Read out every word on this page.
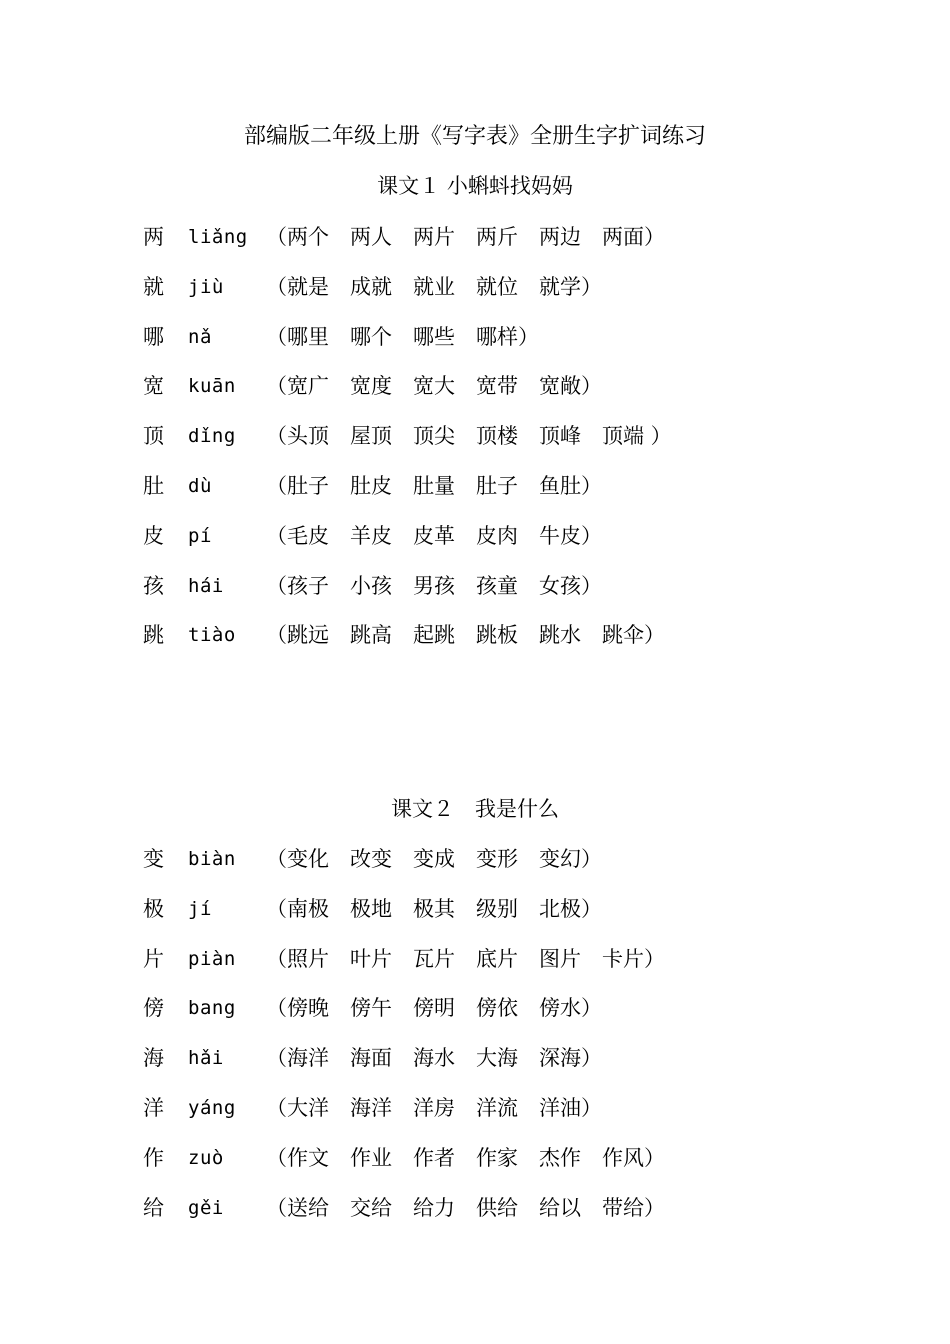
部编版二年级上册《写字表》全册生字扩词练习
课文１ 小蝌蚪找妈妈
两	liǎng （两个　两人　两片　两斤　两边　两面）
就	jiù	（就是　成就　就业　就位　就学）
哪	nǎ	（哪里　哪个　哪些　哪样）
宽	kuān	（宽广　宽度　宽大　宽带　宽敞）
顶	dǐng	（头顶　屋顶　顶尖　顶楼　顶峰　顶端 ）
肚	dù	（肚子　肚皮　肚量　肚子　鱼肚）
皮	pí	（毛皮　羊皮　皮革　皮肉　牛皮）
孩	hái	（孩子　小孩　男孩　孩童　女孩）
跳	tiào	（跳远　跳高　起跳　跳板　跳水　跳伞）
课文２　我是什么
变	biàn	（变化　改变　变成　变形　变幻）
极	jí	（南极　极地　极其　级别　北极）
片	piàn	（照片　叶片　瓦片　底片　图片　卡片）
傍	bang	（傍晚　傍午　傍明　傍依　傍水）
海	hǎi	（海洋　海面　海水　大海　深海）
洋	yáng	（大洋　海洋　洋房　洋流　洋油）
作	zuò	（作文　作业　作者　作家　杰作　作风）
给	gěi	（送给　交给　给力　供给　给以　带给）
